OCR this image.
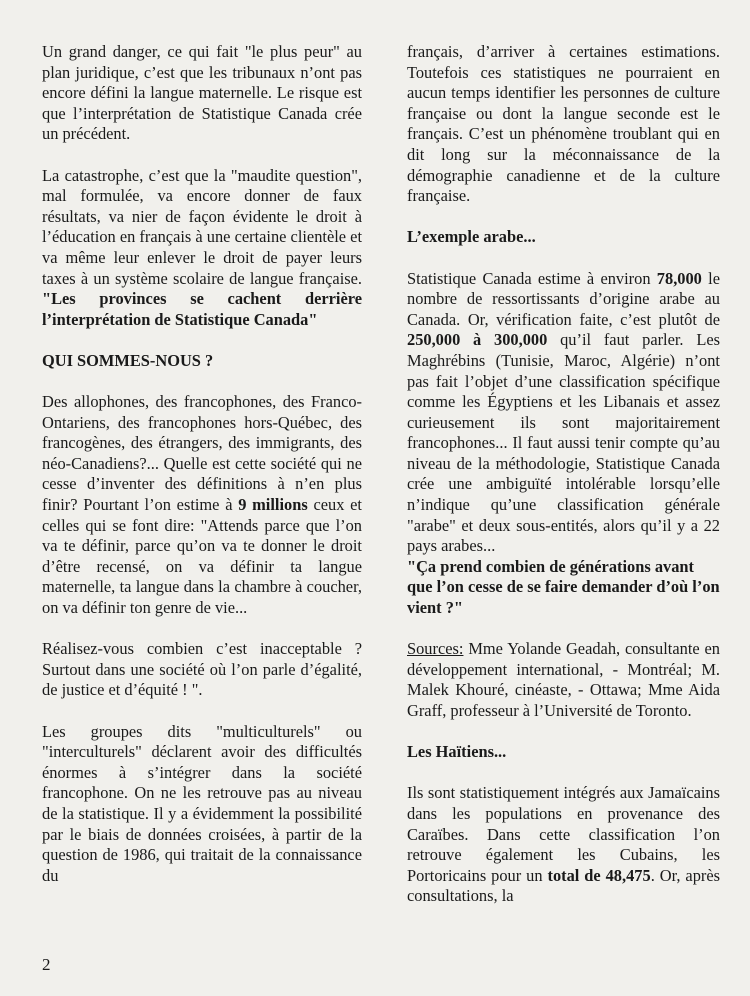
Un grand danger, ce qui fait "le plus peur" au plan juridique, c’est que les tribunaux n’ont pas encore défini la langue maternelle. Le risque est que l’interprétation de Statistique Canada crée un précédent.

La catastrophe, c’est que la "maudite question", mal formulée, va encore donner de faux résultats, va nier de façon évidente le droit à l’éducation en français à une certaine clientèle et va même leur enlever le droit de payer leurs taxes à un système scolaire de langue française. "Les provinces se cachent derrière l’interprétation de Statistique Canada"

QUI SOMMES-NOUS ?

Des allophones, des francophones, des Franco-Ontariens, des francophones hors-Québec, des francogènes, des étrangers, des immigrants, des néo-Canadiens?... Quelle est cette société qui ne cesse d’inventer des définitions à n’en plus finir? Pourtant l’on estime à 9 millions ceux et celles qui se font dire: "Attends parce que l’on va te définir, parce qu’on va te donner le droit d’être recensé, on va définir ta langue maternelle, ta langue dans la chambre à coucher, on va définir ton genre de vie...

Réalisez-vous combien c’est inacceptable ? Surtout dans une société où l’on parle d’égalité, de justice et d’équité ! ".

Les groupes dits "multiculturels" ou "interculturels" déclarent avoir des difficultés énormes à s’intégrer dans la société francophone. On ne les retrouve pas au niveau de la statistique. Il y a évidemment la possibilité par le biais de données croisées, à partir de la question de 1986, qui traitait de la connaissance du

français, d’arriver à certaines estimations. Toutefois ces statistiques ne pourraient en aucun temps identifier les personnes de culture française ou dont la langue seconde est le français. C’est un phénomène troublant qui en dit long sur la méconnaissance de la démographie canadienne et de la culture française.

L’exemple arabe...

Statistique Canada estime à environ 78,000 le nombre de ressortissants d’origine arabe au Canada. Or, vérification faite, c’est plutôt de 250,000 à 300,000 qu’il faut parler. Les Maghrébins (Tunisie, Maroc, Algérie) n’ont pas fait l’objet d’une classification spécifique comme les Égyptiens et les Libanais et assez curieusement ils sont majoritairement francophones... Il faut aussi tenir compte qu’au niveau de la méthodologie, Statistique Canada crée une ambiguïté intolérable lorsqu’elle n’indique qu’une classification générale "arabe" et deux sous-entités, alors qu’il y a 22 pays arabes...

"Ça prend combien de générations avant que l’on cesse de se faire demander d’où l’on vient ?"

Sources: Mme Yolande Geadah, consultante en développement international, - Montréal; M. Malek Khouré, cinéaste, - Ottawa; Mme Aida Graff, professeur à l’Université de Toronto.

Les Haïtiens...

Ils sont statistiquement intégrés aux Jamaïcains dans les populations en provenance des Caraïbes. Dans cette classification l’on retrouve également les Cubains, les Portoricains pour un total de 48,475. Or, après consultations, la

2
